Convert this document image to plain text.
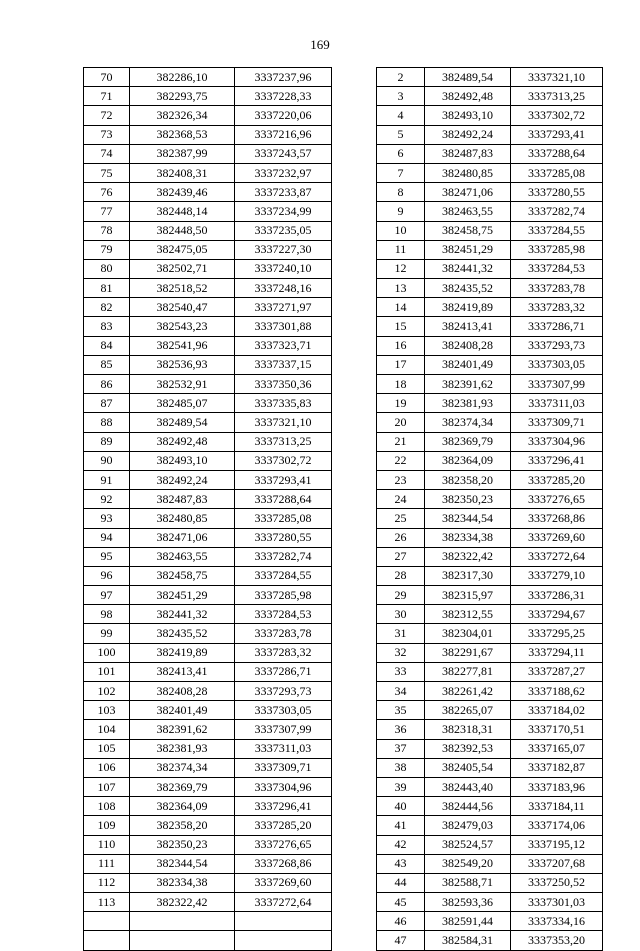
169
70	382286,10	3337237,96
71	382293,75	3337228,33
72	382326,34	3337220,06
73	382368,53	3337216,96
74	382387,99	3337243,57
75	382408,31	3337232,97
76	382439,46	3337233,87
77	382448,14	3337234,99
78	382448,50	3337235,05
79	382475,05	3337227,30
80	382502,71	3337240,10
81	382518,52	3337248,16
82	382540,47	3337271,97
83	382543,23	3337301,88
84	382541,96	3337323,71
85	382536,93	3337337,15
86	382532,91	3337350,36
87	382485,07	3337335,83
88	382489,54	3337321,10
89	382492,48	3337313,25
90	382493,10	3337302,72
91	382492,24	3337293,41
92	382487,83	3337288,64
93	382480,85	3337285,08
94	382471,06	3337280,55
95	382463,55	3337282,74
96	382458,75	3337284,55
97	382451,29	3337285,98
98	382441,32	3337284,53
99	382435,52	3337283,78
100	382419,89	3337283,32
101	382413,41	3337286,71
102	382408,28	3337293,73
103	382401,49	3337303,05
104	382391,62	3337307,99
105	382381,93	3337311,03
106	382374,34	3337309,71
107	382369,79	3337304,96
108	382364,09	3337296,41
109	382358,20	3337285,20
110	382350,23	3337276,65
111	382344,54	3337268,86
112	382334,38	3337269,60
113	382322,42	3337272,64

2	382489,54	3337321,10
3	382492,48	3337313,25
4	382493,10	3337302,72
5	382492,24	3337293,41
6	382487,83	3337288,64
7	382480,85	3337285,08
8	382471,06	3337280,55
9	382463,55	3337282,74
10	382458,75	3337284,55
11	382451,29	3337285,98
12	382441,32	3337284,53
13	382435,52	3337283,78
14	382419,89	3337283,32
15	382413,41	3337286,71
16	382408,28	3337293,73
17	382401,49	3337303,05
18	382391,62	3337307,99
19	382381,93	3337311,03
20	382374,34	3337309,71
21	382369,79	3337304,96
22	382364,09	3337296,41
23	382358,20	3337285,20
24	382350,23	3337276,65
25	382344,54	3337268,86
26	382334,38	3337269,60
27	382322,42	3337272,64
28	382317,30	3337279,10
29	382315,97	3337286,31
30	382312,55	3337294,67
31	382304,01	3337295,25
32	382291,67	3337294,11
33	382277,81	3337287,27
34	382261,42	3337188,62
35	382265,07	3337184,02
36	382318,31	3337170,51
37	382392,53	3337165,07
38	382405,54	3337182,87
39	382443,40	3337183,96
40	382444,56	3337184,11
41	382479,03	3337174,06
42	382524,57	3337195,12
43	382549,20	3337207,68
44	382588,71	3337250,52
45	382593,36	3337301,03
46	382591,44	3337334,16
47	382584,31	3337353,20
